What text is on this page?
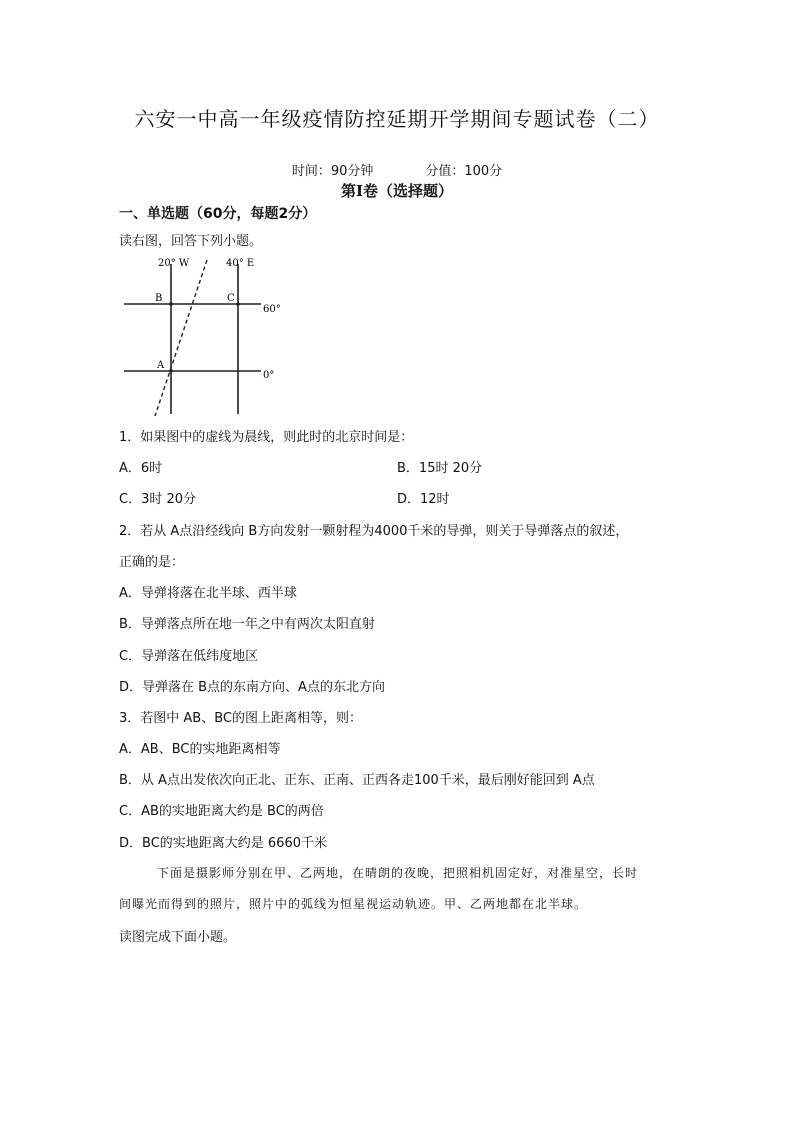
六安一中高一年级疫情防控延期开学期间专题试卷（二）
时间：90分钟	分值：100分
第Ⅰ卷（选择题）
一、单选题（60分，每题2分）
读右图，回答下列小题。
20° W	40° E
60°
0°
B	C
A
1．如果图中的虚线为晨线，则此时的北京时间是：
A．6时	B．15时 20分
C．3时 20分	D．12时
2．若从 A点沿经线向 B方向发射一颗射程为4000千米的导弹，则关于导弹落点的叙述，
正确的是：
A．导弹将落在北半球、西半球
B．导弹落点所在地一年之中有两次太阳直射
C．导弹落在低纬度地区
D．导弹落在 B点的东南方向、A点的东北方向
3．若图中 AB、BC的图上距离相等，则：
A．AB、BC的实地距离相等
B．从 A点出发依次向正北、正东、正南、正西各走100千米，最后刚好能回到 A点
C．AB的实地距离大约是 BC的两倍
D．BC的实地距离大约是 6660千米
下面是摄影师分别在甲、乙两地，在晴朗的夜晚，把照相机固定好，对准星空，长时
间曝光而得到的照片，照片中的弧线为恒星视运动轨迹。甲、乙两地都在北半球。
读图完成下面小题。
